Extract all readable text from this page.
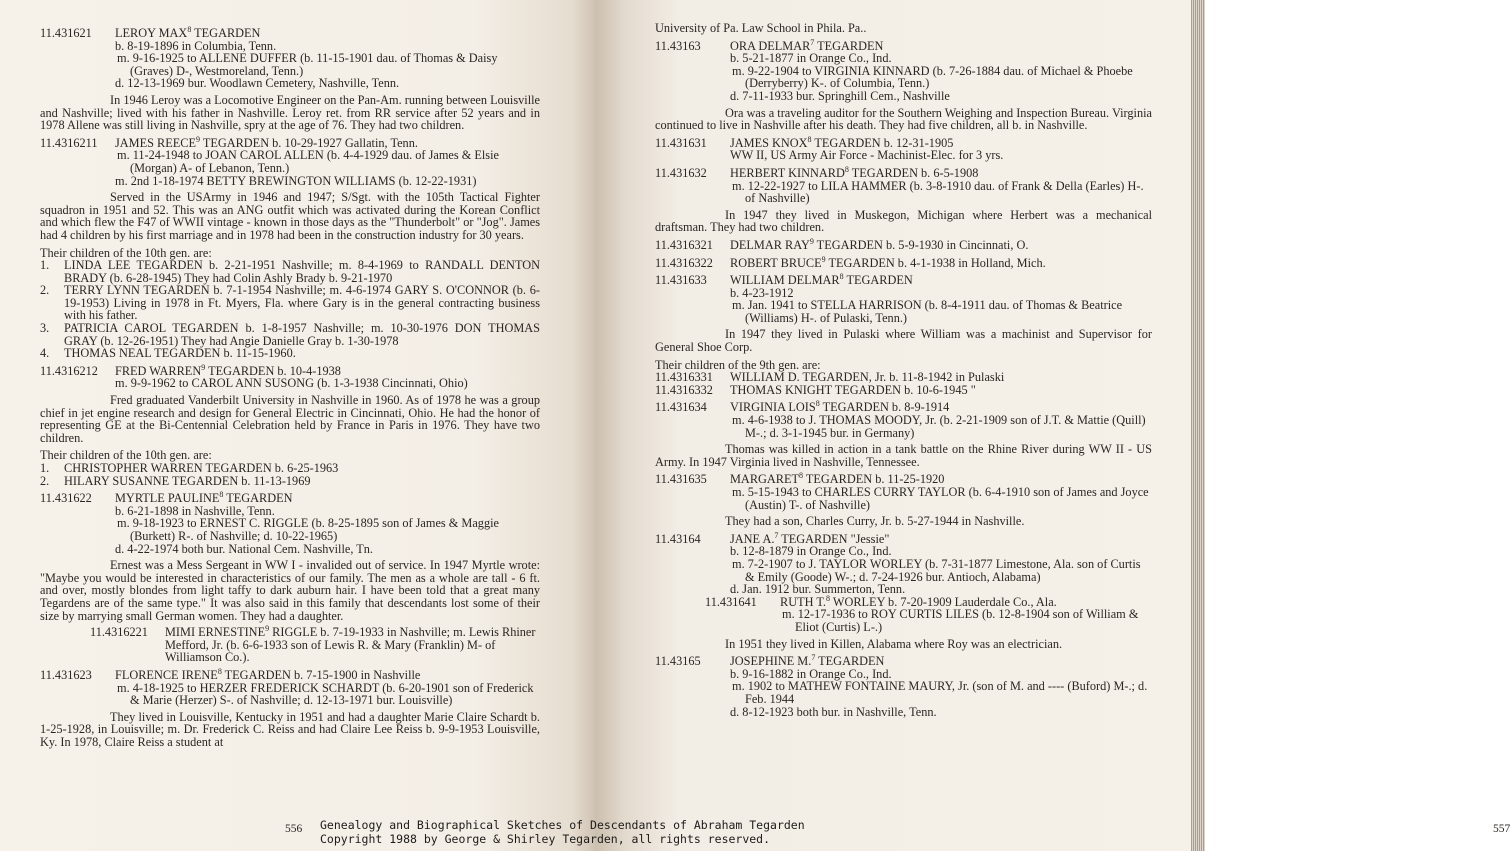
11.431621	LEROY MAX$^8$ TEGARDEN
b. 8-19-1896 in Columbia, Tenn.
m. 9-16-1925 to ALLENE DUFFER (b. 11-15-1901 dau. of Thomas & Daisy (Graves) D-, Westmoreland, Tenn.)
d. 12-13-1969 bur. Woodlawn Cemetery, Nashville, Tenn.
In 1946 Leroy was a Locomotive Engineer on the Pan-Am. running between Louisville and Nashville; lived with his father in Nashville. Leroy ret. from RR service after 52 years and in 1978 Allene was still living in Nashville, spry at the age of 76. They had two children.
11.4316211	JAMES REECE$^9$ TEGARDEN b. 10-29-1927 Gallatin, Tenn.
m. 11-24-1948 to JOAN CAROL ALLEN (b. 4-4-1929 dau. of James & Elsie (Morgan) A- of Lebanon, Tenn.)
m. 2nd 1-18-1974 BETTY BREWINGTON WILLIAMS (b. 12-22-1931)
Served in the USArmy in 1946 and 1947; S/Sgt. with the 105th Tactical Fighter squadron in 1951 and 52. This was an ANG outfit which was activated during the Korean Conflict and which flew the F47 of WWII vintage - known in those days as the "Thunderbolt" or "Jog". James had 4 children by his first marriage and in 1978 had been in the construction industry for 30 years.
Their children of the 10th gen. are:
1.	LINDA LEE TEGARDEN b. 2-21-1951 Nashville; m. 8-4-1969 to RANDALL DENTON BRADY (b. 6-28-1945) They had Colin Ashly Brady b. 9-21-1970
2.	TERRY LYNN TEGARDEN b. 7-1-1954 Nashville; m. 4-6-1974 GARY S. O'CONNOR (b. 6-19-1953) Living in 1978 in Ft. Myers, Fla. where Gary is in the general contracting business with his father.
3.	PATRICIA CAROL TEGARDEN b. 1-8-1957 Nashville; m. 10-30-1976 DON THOMAS GRAY (b. 12-26-1951) They had Angie Danielle Gray b. 1-30-1978
4.	THOMAS NEAL TEGARDEN b. 11-15-1960.
11.4316212	FRED WARREN$^9$ TEGARDEN b. 10-4-1938
m. 9-9-1962 to CAROL ANN SUSONG (b. 1-3-1938 Cincinnati, Ohio)
Fred graduated Vanderbilt University in Nashville in 1960. As of 1978 he was a group chief in jet engine research and design for General Electric in Cincinnati, Ohio. He had the honor of representing GE at the Bi-Centennial Celebration held by France in Paris in 1976. They have two children.
Their children of the 10th gen. are:
1.	CHRISTOPHER WARREN TEGARDEN b. 6-25-1963
2.	HILARY SUSANNE TEGARDEN b. 11-13-1969
11.431622	MYRTLE PAULINE$^8$ TEGARDEN
b. 6-21-1898 in Nashville, Tenn.
m. 9-18-1923 to ERNEST C. RIGGLE (b. 8-25-1895 son of James & Maggie (Burkett) R-. of Nashville; d. 10-22-1965)
d. 4-22-1974 both bur. National Cem. Nashville, Tn.
Ernest was a Mess Sergeant in WW I - invalided out of service. In 1947 Myrtle wrote: "Maybe you would be interested in characteristics of our family. The men as a whole are tall - 6 ft. and over, mostly blondes from light taffy to dark auburn hair. I have been told that a great many Tegardens are of the same type." It was also said in this family that descendants lost some of their size by marrying small German women. They had a daughter.
11.4316221	MIMI ERNESTINE$^9$ RIGGLE b. 7-19-1933 in Nashville; m. Lewis Rhiner Mefford, Jr. (b. 6-6-1933 son of Lewis R. & Mary (Franklin) M- of Williamson Co.).
11.431623	FLORENCE IRENE$^8$ TEGARDEN b. 7-15-1900 in Nashville
m. 4-18-1925 to HERZER FREDERICK SCHARDT (b. 6-20-1901 son of Frederick & Marie (Herzer) S-. of Nashville; d. 12-13-1971 bur. Louisville)
They lived in Louisville, Kentucky in 1951 and had a daughter Marie Claire Schardt b. 1-25-1928, in Louisville; m. Dr. Frederick C. Reiss and had Claire Lee Reiss b. 9-9-1953 Louisville, Ky. In 1978, Claire Reiss a student at
556
University of Pa. Law School in Phila. Pa..
11.43163	ORA DELMAR$^7$ TEGARDEN
b. 5-21-1877 in Orange Co., Ind.
m. 9-22-1904 to VIRGINIA KINNARD (b. 7-26-1884 dau. of Michael & Phoebe (Derryberry) K-. of Columbia, Tenn.)
d. 7-11-1933 bur. Springhill Cem., Nashville
Ora was a traveling auditor for the Southern Weighing and Inspection Bureau. Virginia continued to live in Nashville after his death. They had five children, all b. in Nashville.
11.431631	JAMES KNOX$^8$ TEGARDEN b. 12-31-1905
WW II, US Army Air Force - Machinist-Elec. for 3 yrs.
11.431632	HERBERT KINNARD$^8$ TEGARDEN b. 6-5-1908
m. 12-22-1927 to LILA HAMMER (b. 3-8-1910 dau. of Frank & Della (Earles) H-. of Nashville)
In 1947 they lived in Muskegon, Michigan where Herbert was a mechanical draftsman. They had two children.
11.4316321	DELMAR RAY$^9$ TEGARDEN b. 5-9-1930 in Cincinnati, O.
11.4316322	ROBERT BRUCE$^9$ TEGARDEN b. 4-1-1938 in Holland, Mich.
11.431633	WILLIAM DELMAR$^8$ TEGARDEN
b. 4-23-1912
m. Jan. 1941 to STELLA HARRISON (b. 8-4-1911 dau. of Thomas & Beatrice (Williams) H-. of Pulaski, Tenn.)
In 1947 they lived in Pulaski where William was a machinist and Supervisor for General Shoe Corp.
Their children of the 9th gen. are:
11.4316331	WILLIAM D. TEGARDEN, Jr. b. 11-8-1942 in Pulaski
11.4316332	THOMAS KNIGHT TEGARDEN b. 10-6-1945 "
11.431634	VIRGINIA LOIS$^8$ TEGARDEN b. 8-9-1914
m. 4-6-1938 to J. THOMAS MOODY, Jr. (b. 2-21-1909 son of J.T. & Mattie (Quill) M-.; d. 3-1-1945 bur. in Germany)
Thomas was killed in action in a tank battle on the Rhine River during WW II - US Army. In 1947 Virginia lived in Nashville, Tennessee.
11.431635	MARGARET$^8$ TEGARDEN b. 11-25-1920
m. 5-15-1943 to CHARLES CURRY TAYLOR (b. 6-4-1910 son of James and Joyce (Austin) T-. of Nashville)
They had a son, Charles Curry, Jr. b. 5-27-1944 in Nashville.
11.43164	JANE A.$^7$ TEGARDEN "Jessie"
b. 12-8-1879 in Orange Co., Ind.
m. 7-2-1907 to J. TAYLOR WORLEY (b. 7-31-1877 Limestone, Ala. son of Curtis & Emily (Goode) W-.; d. 7-24-1926 bur. Antioch, Alabama)
d. Jan. 1912 bur. Summerton, Tenn.
11.431641	RUTH T.$^8$ WORLEY b. 7-20-1909 Lauderdale Co., Ala.
m. 12-17-1936 to ROY CURTIS LILES (b. 12-8-1904 son of William & Eliot (Curtis) L-.)
In 1951 they lived in Killen, Alabama where Roy was an electrician.
11.43165	JOSEPHINE M.$^7$ TEGARDEN
b. 9-16-1882 in Orange Co., Ind.
m. 1902 to MATHEW FONTAINE MAURY, Jr. (son of M. and ---- (Buford) M-.; d. Feb. 1944
d. 8-12-1923 both bur. in Nashville, Tenn.
557
Genealogy and Biographical Sketches of Descendants of Abraham Tegarden
Copyright 1988 by George & Shirley Tegarden, all rights reserved.
